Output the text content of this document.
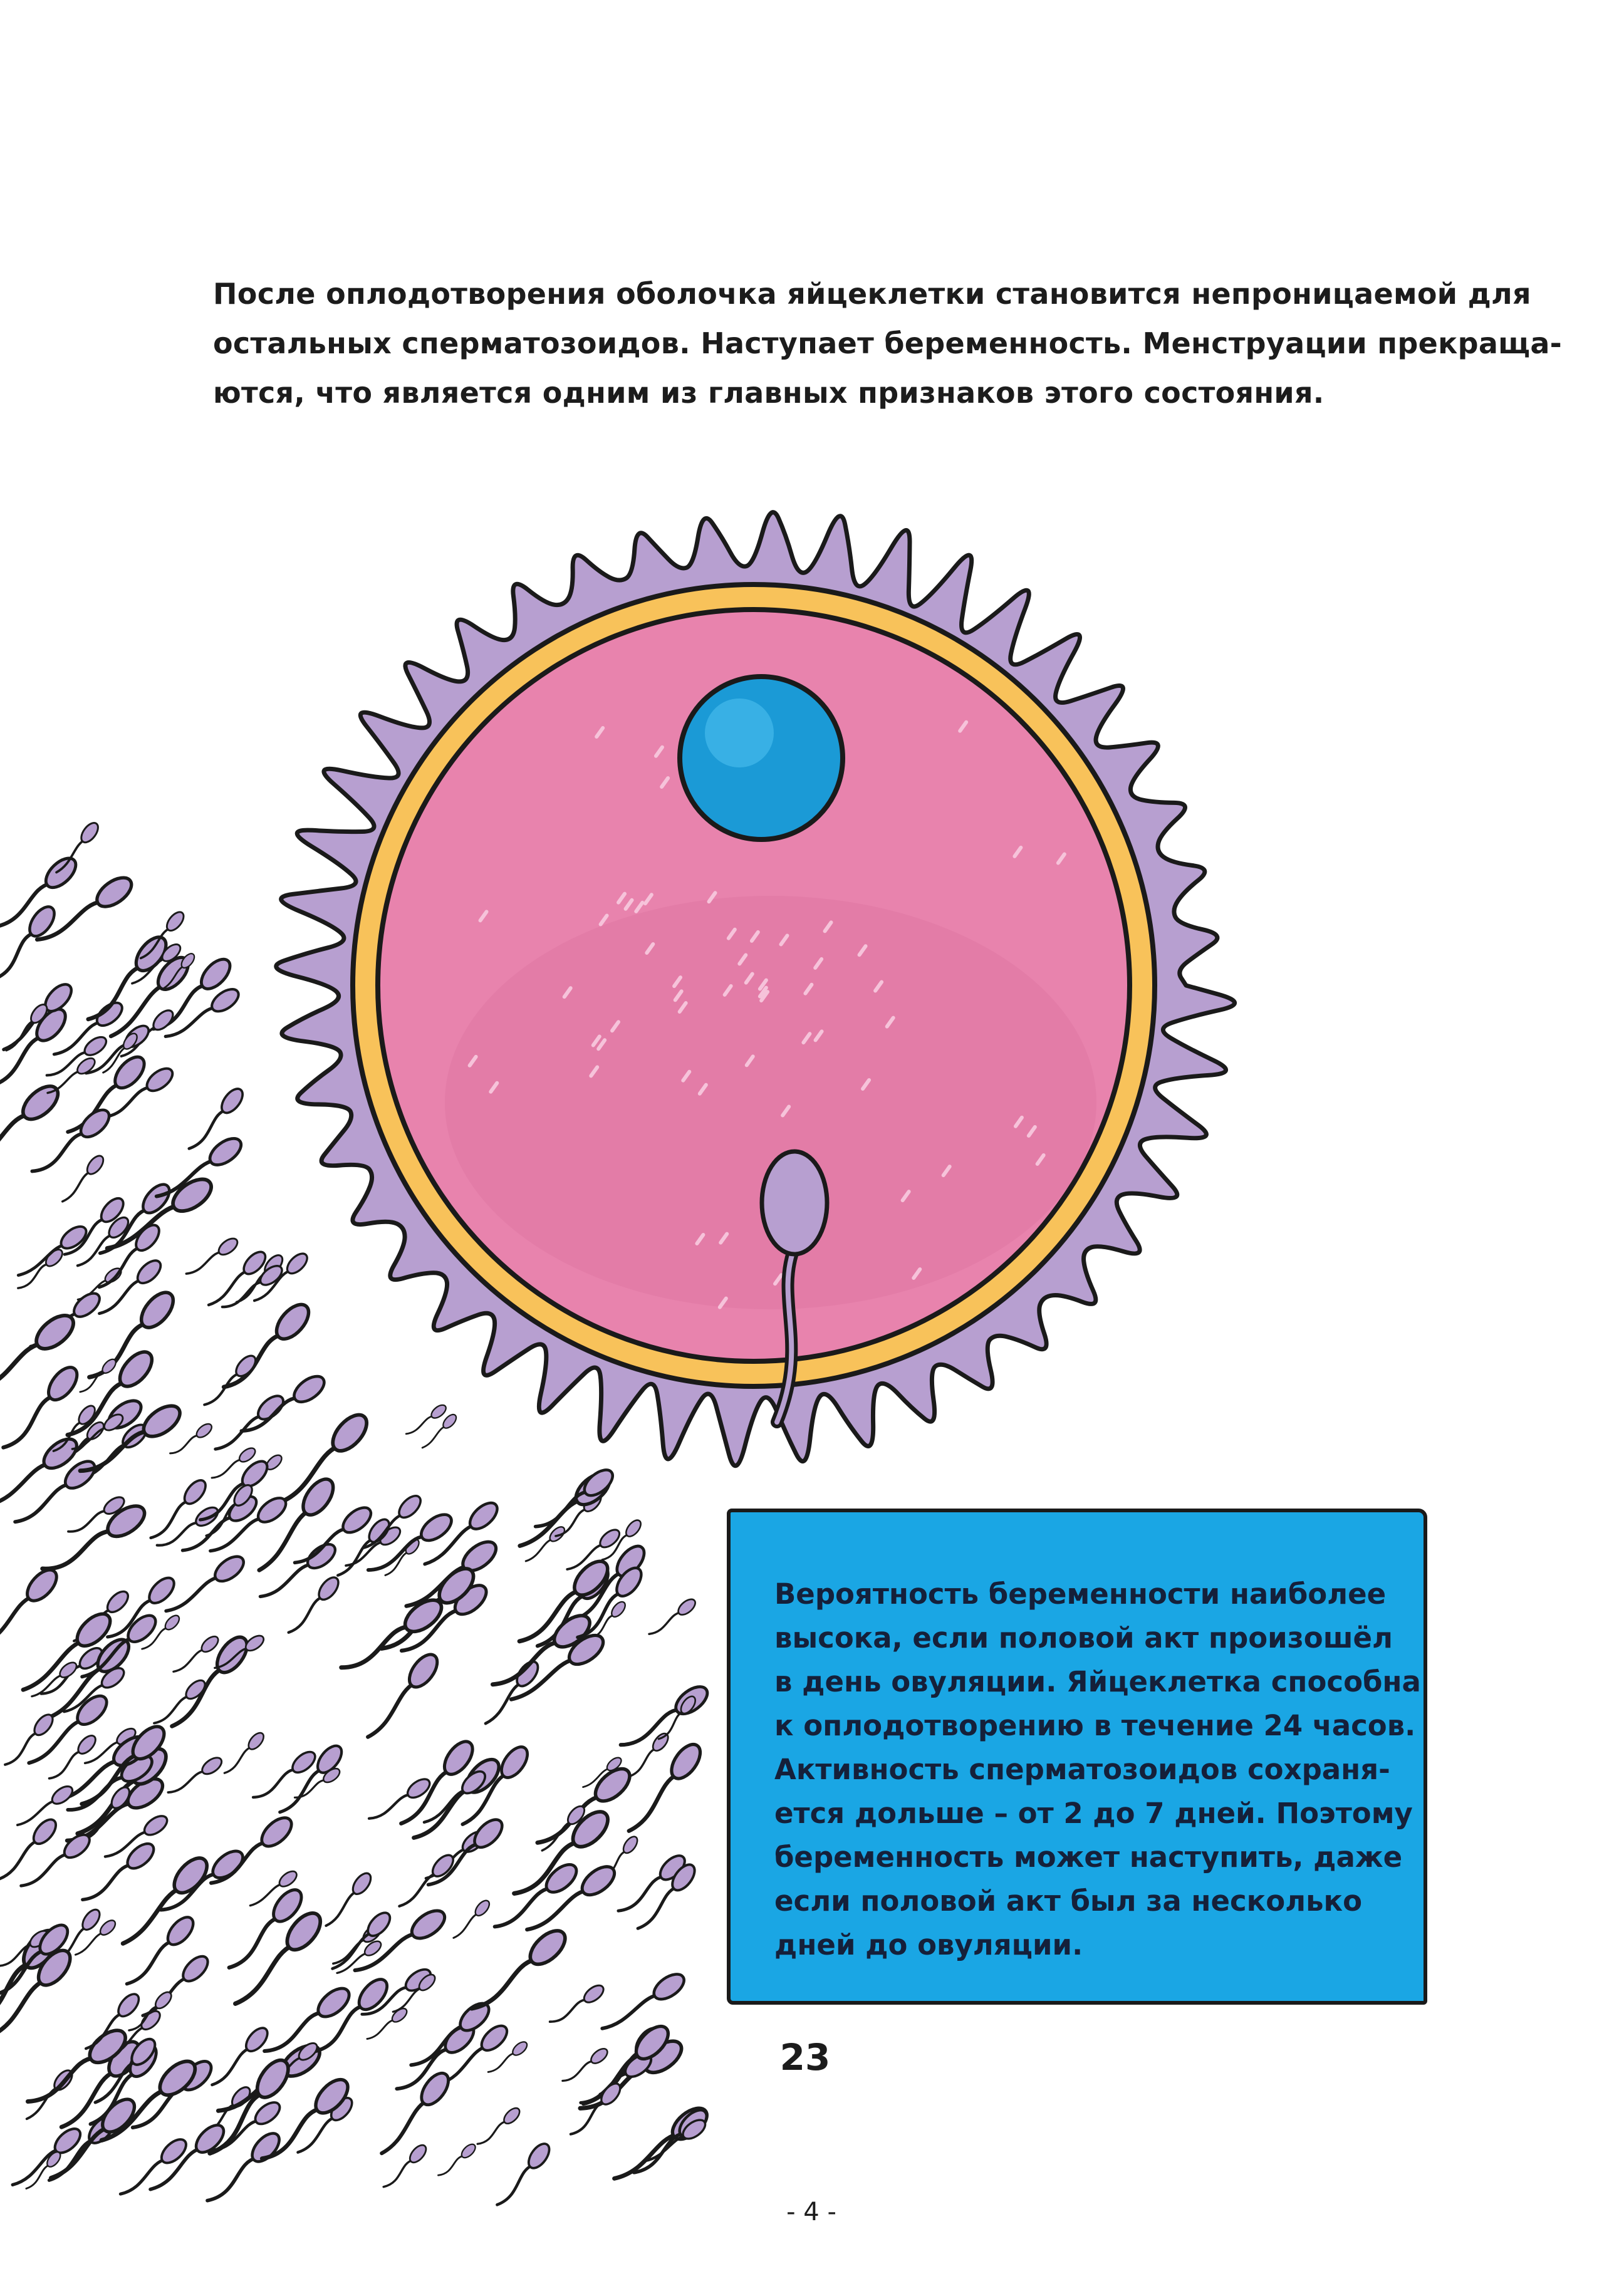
После оплодотворения оболочка яйцеклетки становится непроницаемой для
остальных сперматозоидов. Наступает беременность. Менструации прекраща-
ются, что является одним из главных признаков этого состояния.
Вероятность беременности наиболее
высока, если половой акт произошёл
в день овуляции. Яйцеклетка способна
к оплодотворению в течение 24 часов.
Активность сперматозоидов сохраня-
ется дольше – от 2 до 7 дней. Поэтому
беременность может наступить, даже
если половой акт был за несколько
дней до овуляции.
23
- 4 -
